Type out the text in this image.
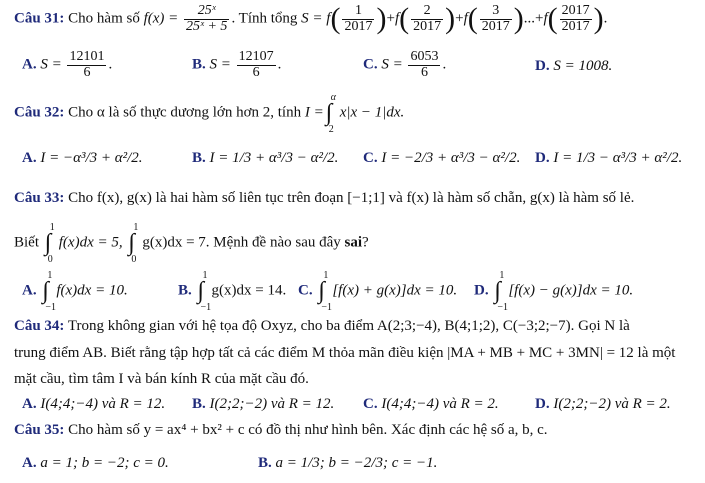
Câu 31: Cho hàm số $f(x) = \frac{\text{25ˣ}}{\text{25ˣ + 5}}$ . Tính tổng $S = f( \frac{1}{2017} )+f( \frac{2}{2017} )+f( \frac{3}{2017} )...+f( \frac{2017}{2017}$ ).
A. $S = \frac{12101}{6}$ .	B. $S = \frac{12107}{6}$ .	C. $S = \frac{6053}{6}$ .	D. S = 1008.
Câu 32: Cho α là số thực dương lớn hơn 2, tính I = ∫
α
2
x|x − 1|dx.
A. I = −α³/3 + α²/2.	B. I = 1/3 + α³/3 − α²/2. C. I = −2/3 + α³/3 − α²/2. D. I = 1/3 − α³/3 + α²/2.
Câu 33: Cho f(x), g(x) là hai hàm số liên tục trên đoạn [−1;1] và f(x) là hàm số chẵn, g(x) là hàm số lẻ.
Biết ∫
1
0
f(x)dx = 5, ∫
1
0
g(x)dx = 7. Mệnh đề nào sau đây sai?
A. ∫
1
−1
f(x)dx = 10.	B. ∫
1
−1
g(x)dx = 14. C. ∫
1
−1
[f(x) + g(x)]dx = 10. D. ∫
1
−1
[f(x) − g(x)]dx = 10.
Câu 34: Trong không gian với hệ tọa độ Oxyz, cho ba điểm A(2;3;−4), B(4;1;2), C(−3;2;−7). Gọi N là
trung điểm AB. Biết rằng tập hợp tất cả các điểm M thỏa mãn điều kiện |MA + MB + MC + 3MN| = 12 là một
mặt cầu, tìm tâm I và bán kính R của mặt cầu đó.
A. I(4;4;−4) và R = 12. B. I(2;2;−2) và R = 12. C. I(4;4;−4) và R = 2. D. I(2;2;−2) và R = 2.
Câu 35: Cho hàm số y = ax⁴ + bx² + c có đồ thị như hình bên. Xác định các hệ số a, b, c.
A. a = 1; b = −2; c = 0.	B. a = 1/3; b = −2/3; c = −1.
